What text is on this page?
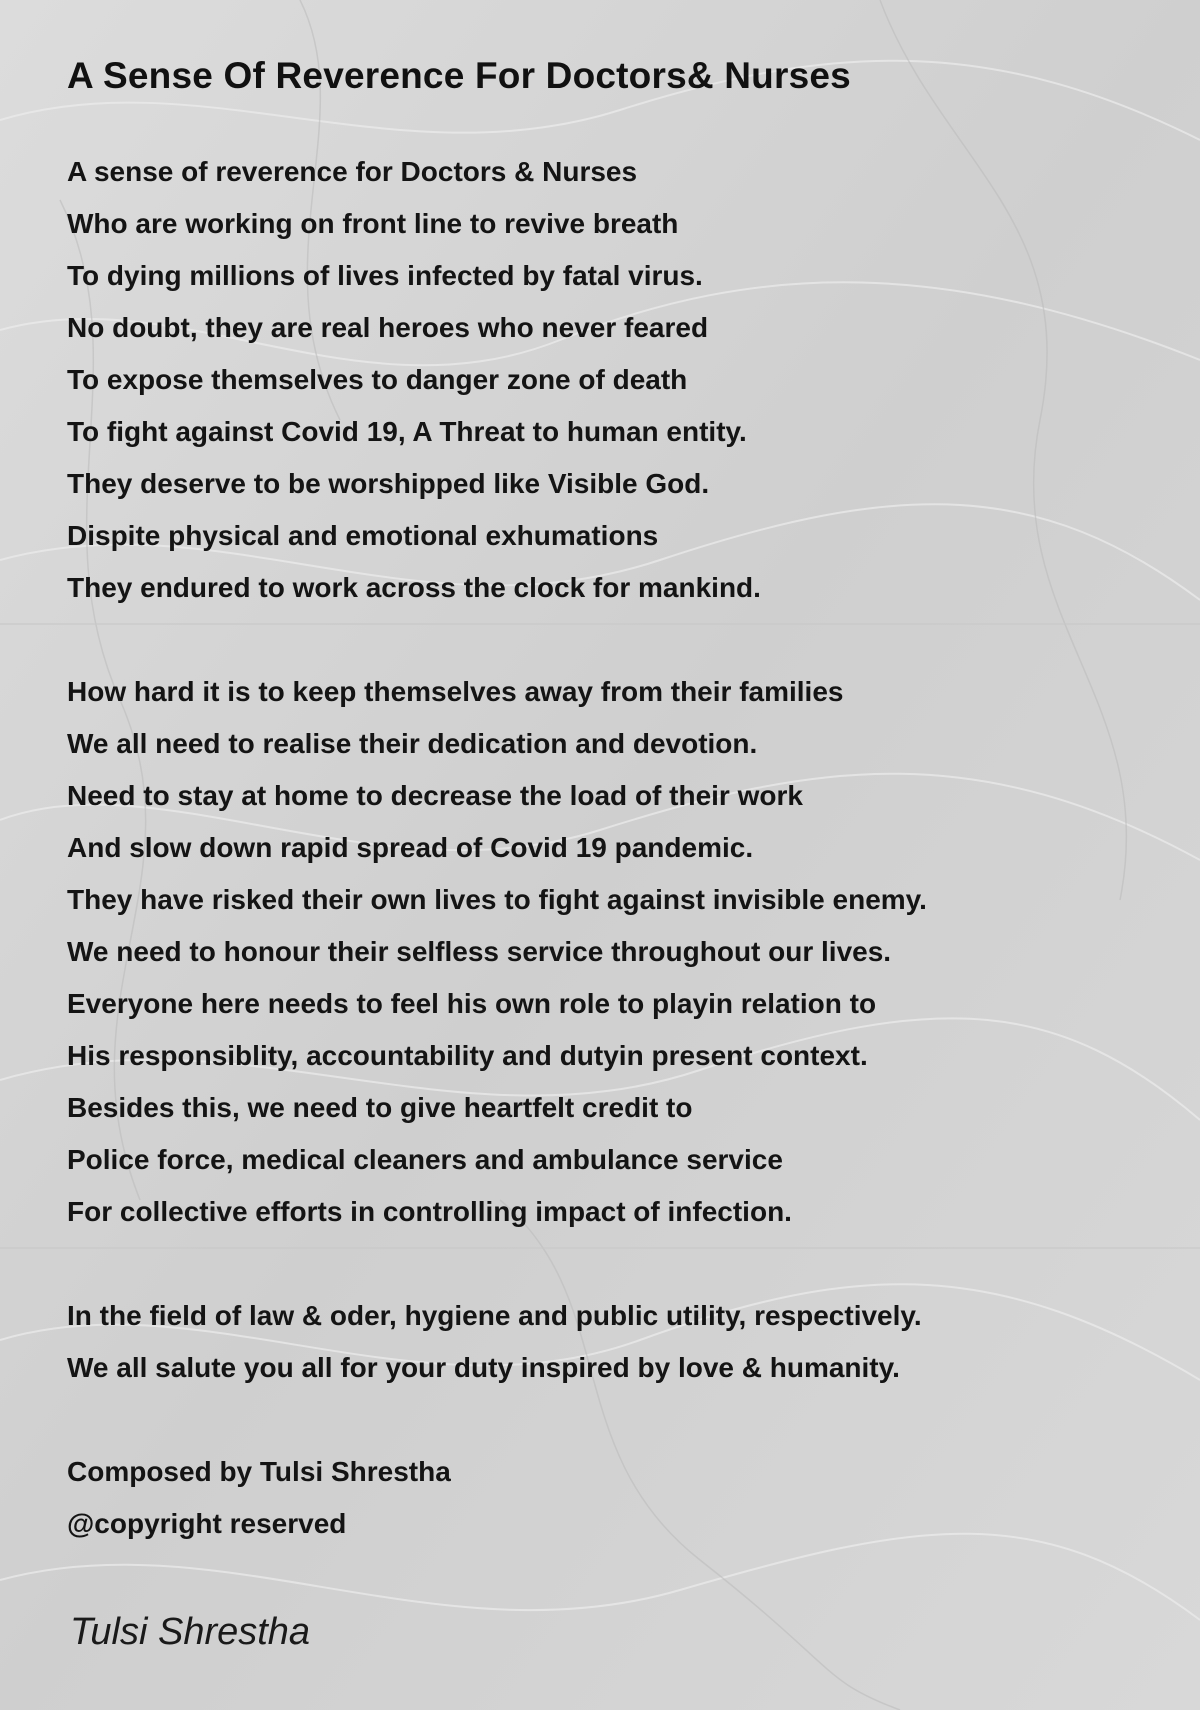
A Sense Of Reverence For Doctors& Nurses
A sense of reverence for Doctors & Nurses
Who are working on front line to revive breath
To dying millions of lives infected by fatal virus.
No doubt, they are real heroes who never feared
To expose themselves to danger zone of death
To fight against Covid 19, A Threat to human entity.
They deserve to be worshipped like Visible God.
Dispite physical and emotional exhumations
They endured to work across the clock for mankind.
How hard it is to keep themselves away from their families
We all need to realise their dedication and devotion.
Need to stay at home to decrease the load of their work
And slow down rapid spread of Covid 19 pandemic.
They have risked their own lives to fight against invisible enemy.
We need to honour their selfless service throughout our lives.
Everyone here needs to feel his own role to playin relation to
His responsiblity, accountability and dutyin present context.
Besides this, we need to give heartfelt credit to
Police force, medical cleaners and ambulance service
For collective efforts in controlling impact of infection.
In the field of law & oder, hygiene and public utility, respectively.
We all salute you all for your duty inspired by love & humanity.
Composed by Tulsi Shrestha
@copyright reserved
Tulsi Shrestha
